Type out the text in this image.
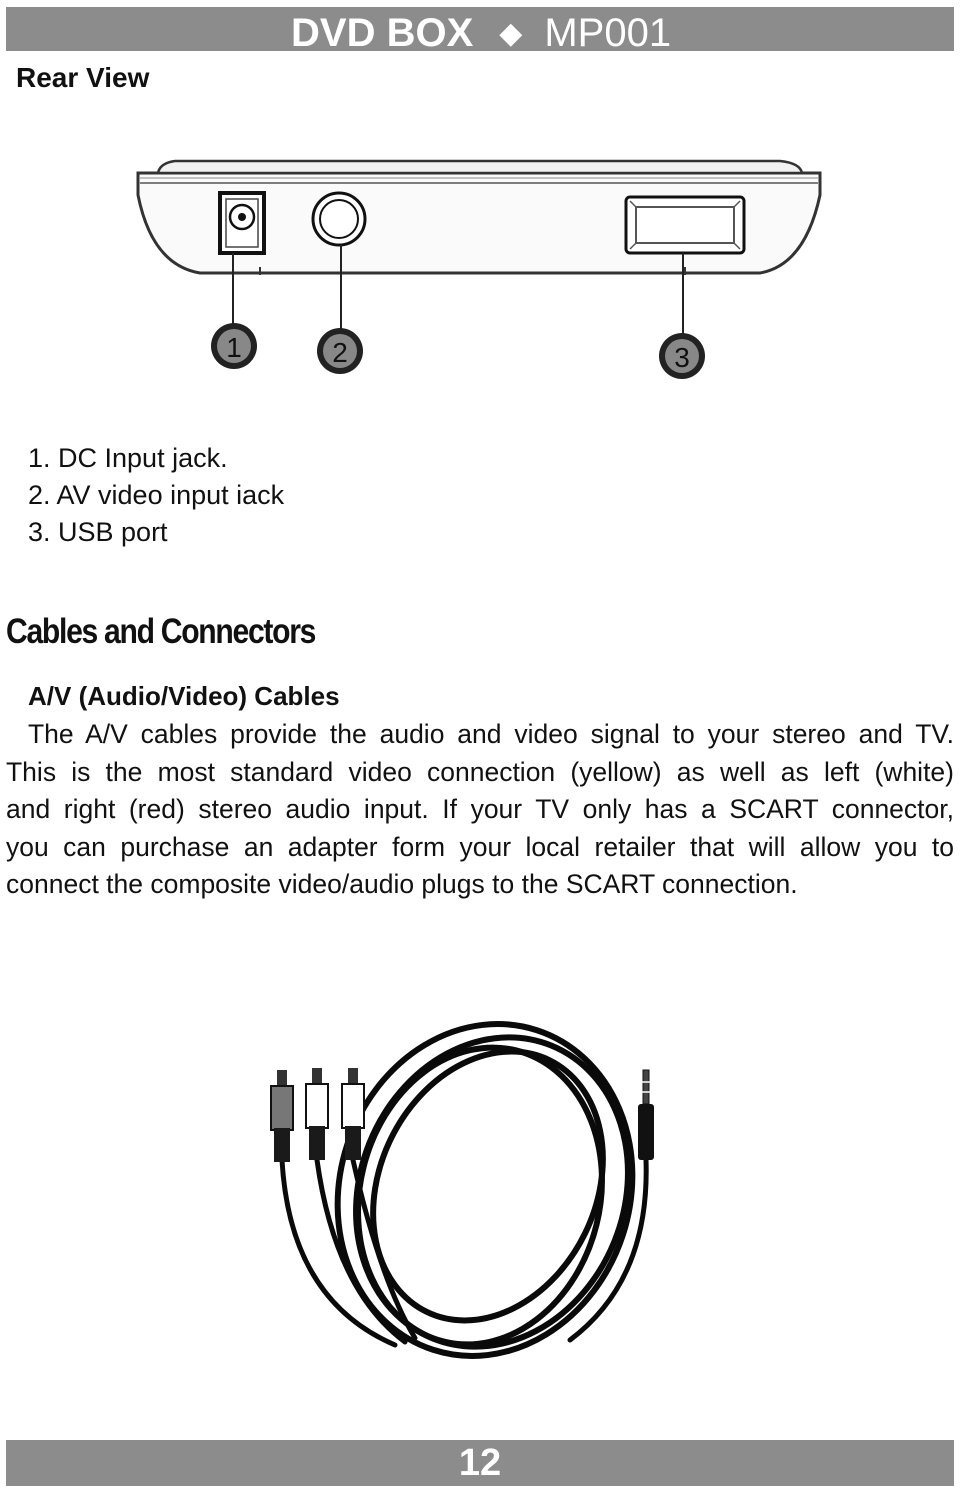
DVD BOX ◆ MP001
Rear View
1	2	3
1. DC Input jack.
2. AV video input iack
3. USB port
Cables and Connectors
A/V (Audio/Video) Cables
The A/V cables provide the audio and video signal to your stereo and TV.
This is the most standard video connection (yellow) as well as left (white)
and right (red) stereo audio input. If your TV only has a SCART connector,
you can purchase an adapter form your local retailer that will allow you to
connect the composite video/audio plugs to the SCART connection.
12
